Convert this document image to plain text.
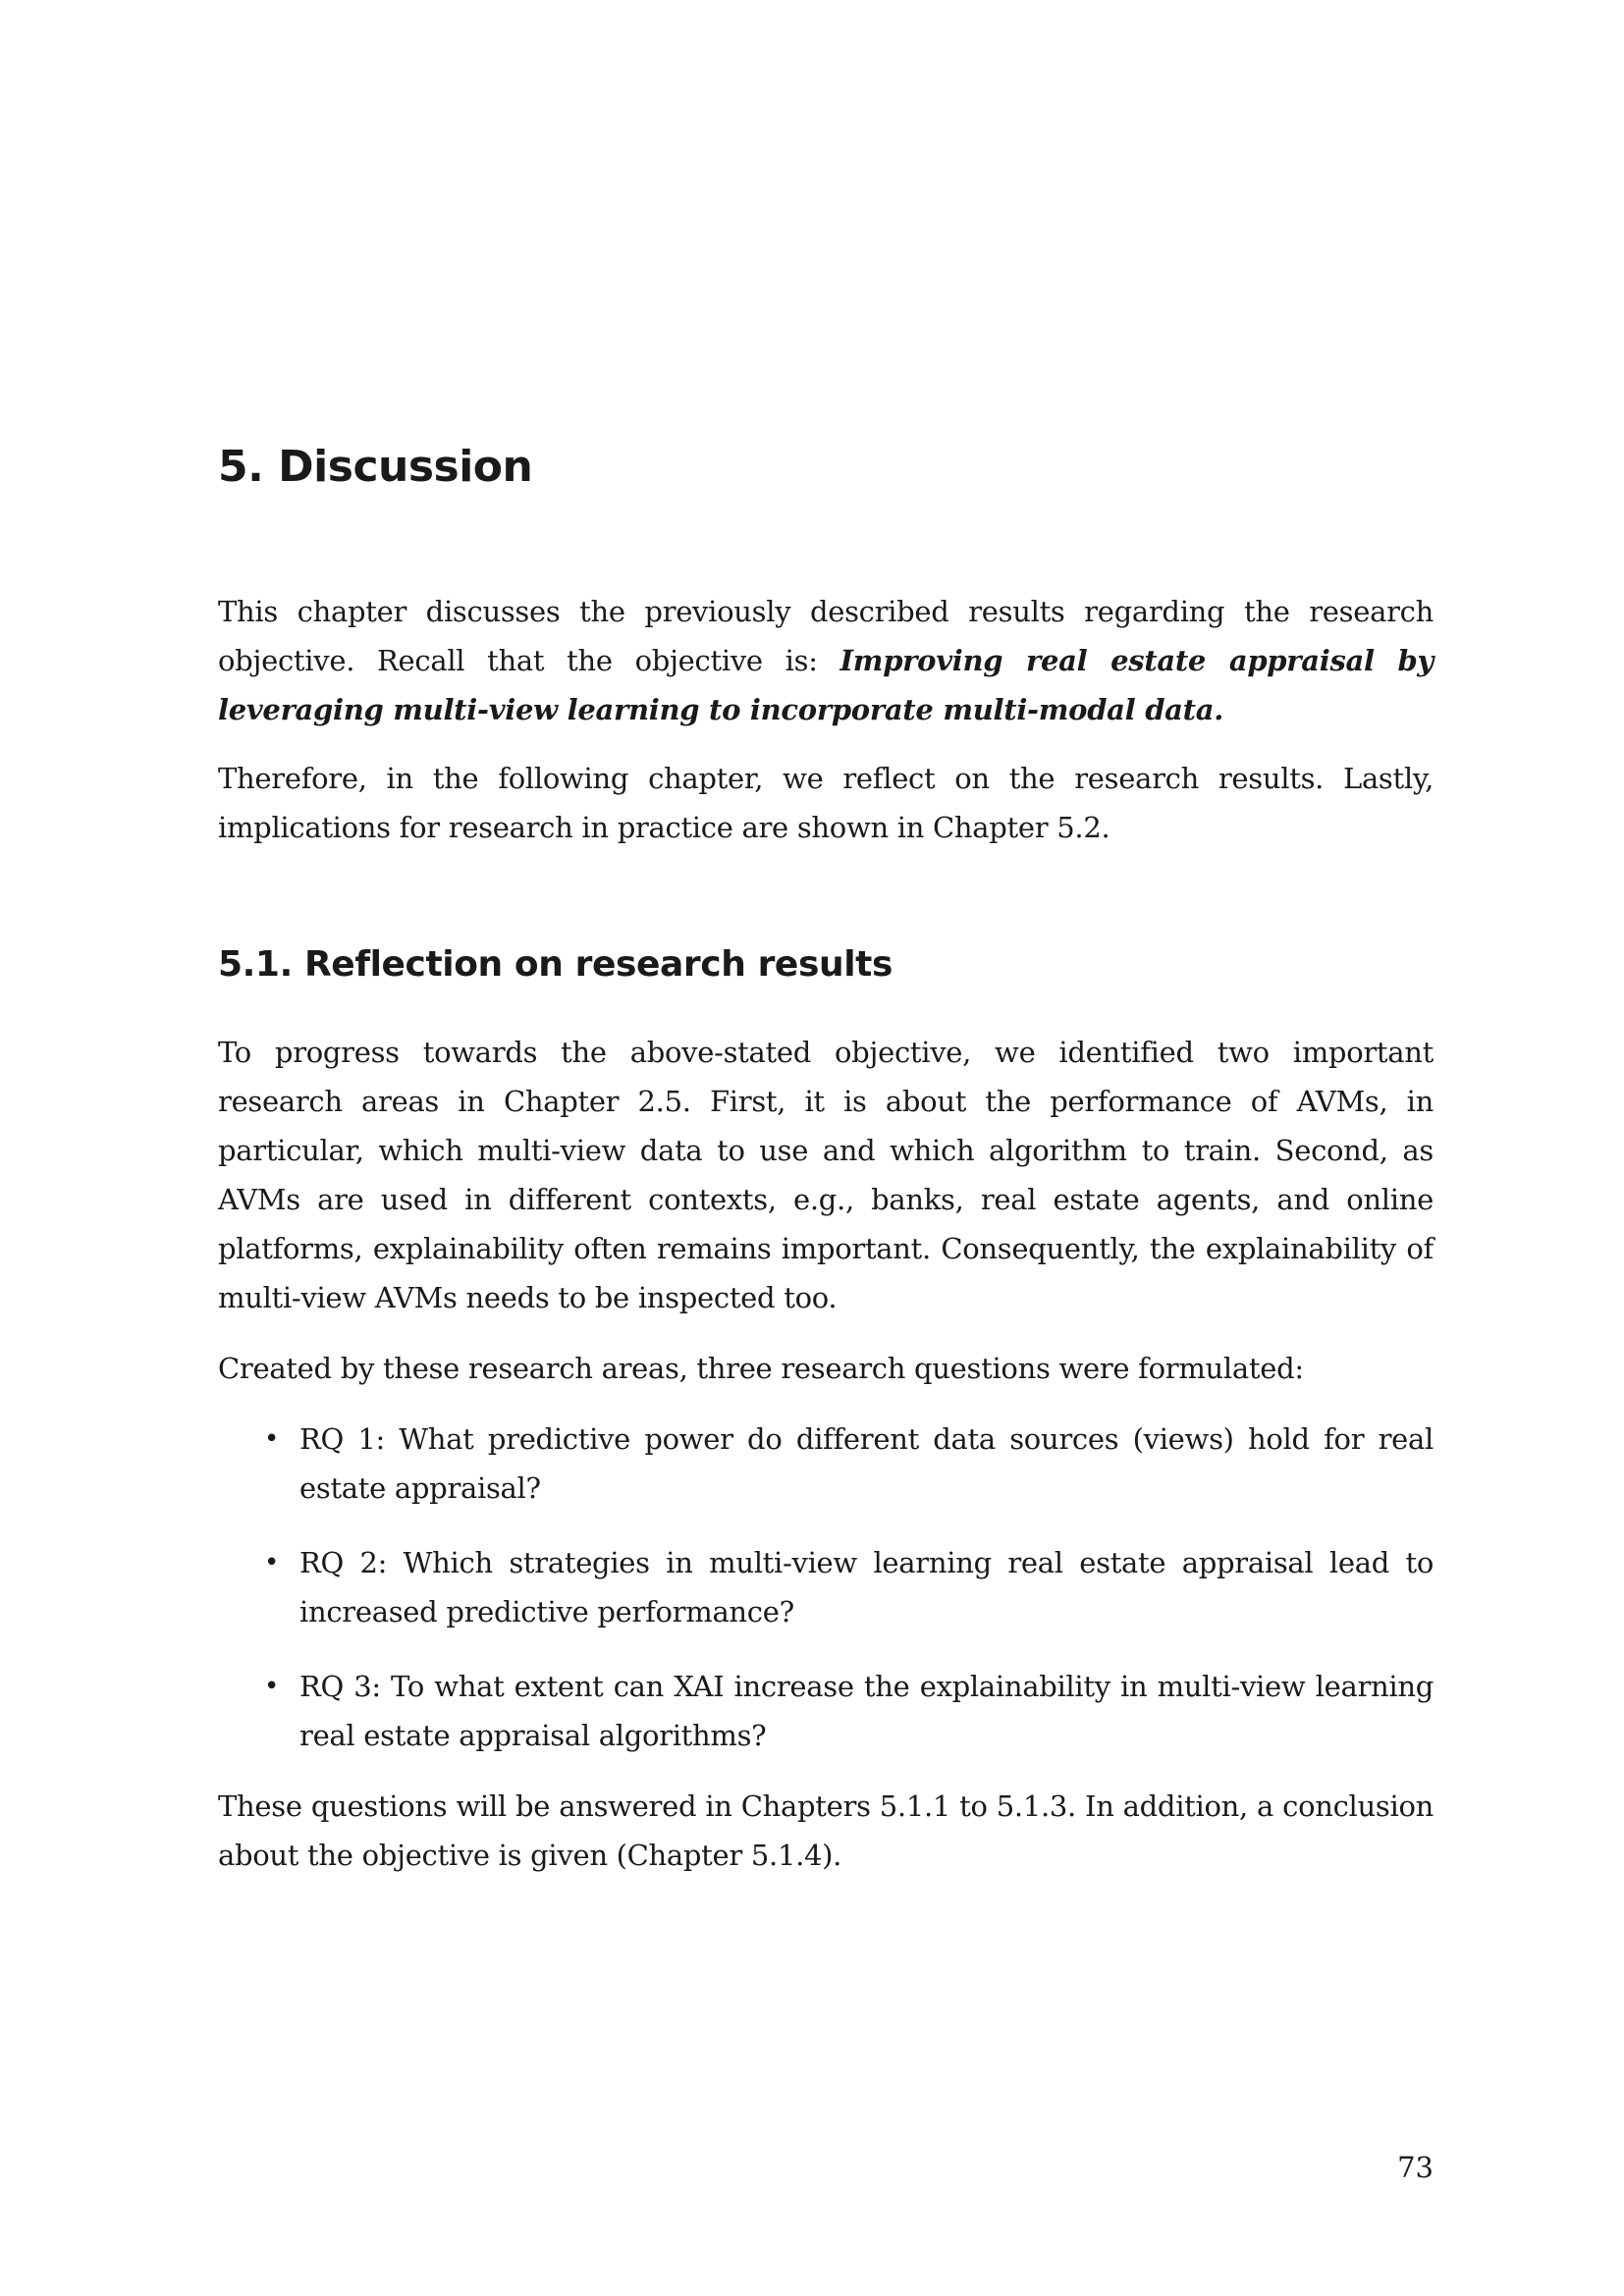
5. Discussion

This chapter discusses the previously described results regarding the research objective. Recall that the objective is: Improving real estate appraisal by leveraging multi-view learning to incorporate multi-modal data.

Therefore, in the following chapter, we reflect on the research results. Lastly, implications for research in practice are shown in Chapter 5.2.

5.1. Reflection on research results

To progress towards the above-stated objective, we identified two important research areas in Chapter 2.5. First, it is about the performance of AVMs, in particular, which multi-view data to use and which algorithm to train. Second, as AVMs are used in different contexts, e.g., banks, real estate agents, and online platforms, explainability often remains important. Consequently, the explainability of multi-view AVMs needs to be inspected too.

Created by these research areas, three research questions were formulated:

• RQ 1: What predictive power do different data sources (views) hold for real estate appraisal?
• RQ 2: Which strategies in multi-view learning real estate appraisal lead to increased predictive performance?
• RQ 3: To what extent can XAI increase the explainability in multi-view learning real estate appraisal algorithms?

These questions will be answered in Chapters 5.1.1 to 5.1.3. In addition, a conclusion about the objective is given (Chapter 5.1.4).

73
